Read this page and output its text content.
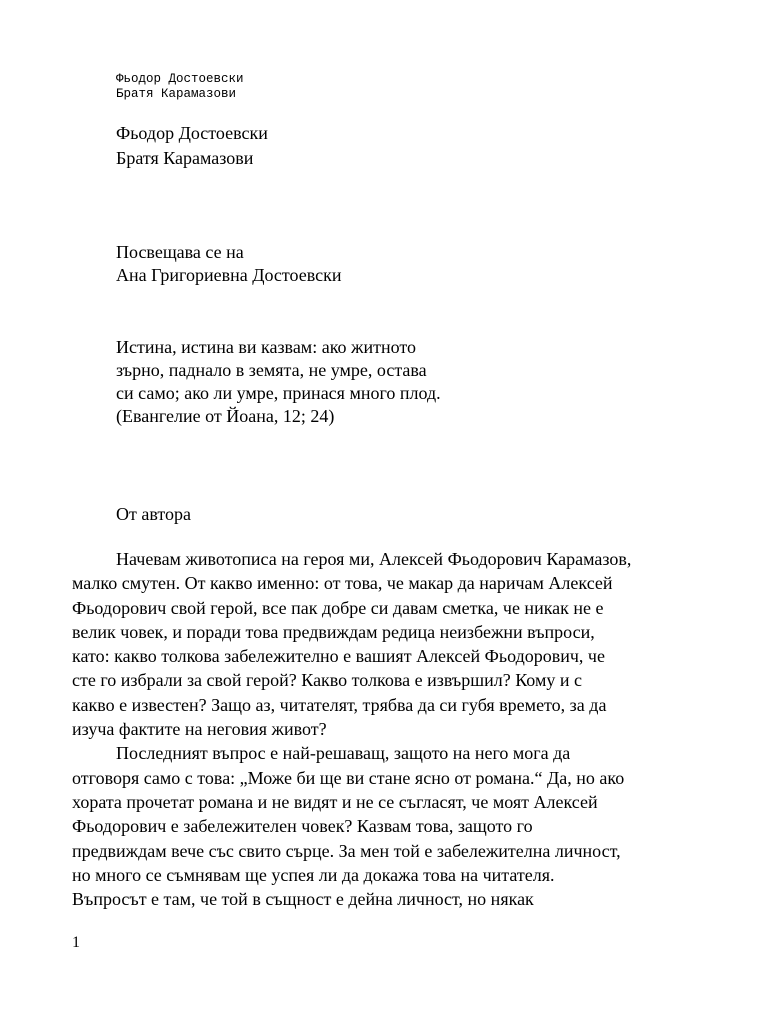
Фьодор Достоевски
Братя Карамазови
Фьодор Достоевски
Братя Карамазови
Посвещава се на
Ана Григориевна Достоевски
Истина, истина ви казвам: ако житното
зърно, паднало в земята, не умре, остава
си само; ако ли умре, принася много плод.
(Евангелие от Йоана, 12; 24)
От автора
Начевам животописа на героя ми, Алексей Фьодорович Карамазов,
малко смутен. От какво именно: от това, че макар да наричам Алексей
Фьодорович свой герой, все пак добре си давам сметка, че никак не е
велик човек, и поради това предвиждам редица неизбежни въпроси,
като: какво толкова забележително е вашият Алексей Фьодорович, че
сте го избрали за свой герой? Какво толкова е извършил? Кому и с
какво е известен? Защо аз, читателят, трябва да си губя времето, за да
изуча фактите на неговия живот?
Последният въпрос е най-решаващ, защото на него мога да
отговоря само с това: „Може би ще ви стане ясно от романа.“ Да, но ако
хората прочетат романа и не видят и не се съгласят, че моят Алексей
Фьодорович е забележителен човек? Казвам това, защото го
предвиждам вече със свито сърце. За мен той е забележителна личност,
но много се съмнявам ще успея ли да докажа това на читателя.
Въпросът е там, че той в същност е дейна личност, но някак
1
